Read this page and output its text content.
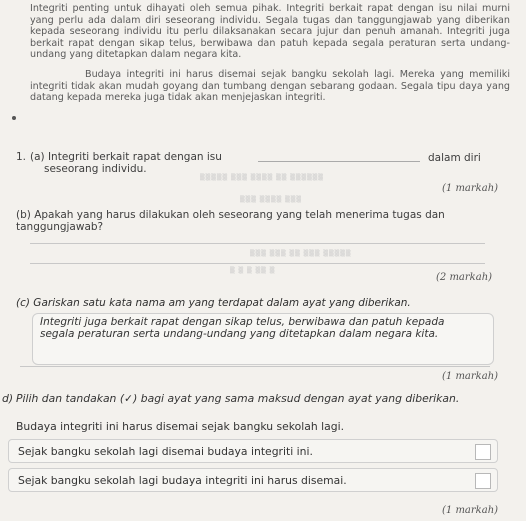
Integriti penting untuk dihayati oleh semua pihak. Integriti berkait rapat dengan isu nilai murni yang perlu ada dalam diri seseorang individu. Segala tugas dan tanggungjawab yang diberikan kepada seseorang individu itu perlu dilaksanakan secara jujur dan penuh amanah. Integriti juga berkait rapat dengan sikap telus, berwibawa dan patuh kepada segala peraturan serta undang-undang yang ditetapkan dalam negara kita.

Budaya integriti ini harus disemai sejak bangku sekolah lagi. Mereka yang memiliki integriti tidak akan mudah goyang dan tumbang dengan sebarang godaan. Segala tipu daya yang datang kepada mereka juga tidak akan menjejaskan integriti.

1. (a) Integriti berkait rapat dengan isu
seseorang individu.
dalam diri
▒▒▒▒▒ ▒▒▒ ▒▒▒▒ ▒▒ ▒▒▒▒▒▒
(1 markah)
▒▒▒ ▒▒▒▒ ▒▒▒
(b) Apakah yang harus dilakukan oleh seseorang yang telah menerima tugas dan tanggungjawab?
▒▒▒ ▒▒▒ ▒▒ ▒▒▒ ▒▒▒▒▒
▒ ▒ ▒ ▒▒ ▒
(2 markah)
(c) Gariskan satu kata nama am yang terdapat dalam ayat yang diberikan.
Integriti juga berkait rapat dengan sikap telus, berwibawa dan patuh kepada segala peraturan serta undang-undang yang ditetapkan dalam negara kita.
(1 markah)
d) Pilih dan tandakan (✓) bagi ayat yang sama maksud dengan ayat yang diberikan.
Budaya integriti ini harus disemai sejak bangku sekolah lagi.
Sejak bangku sekolah lagi disemai budaya integriti ini.
Sejak bangku sekolah lagi budaya integriti ini harus disemai.
(1 markah)
